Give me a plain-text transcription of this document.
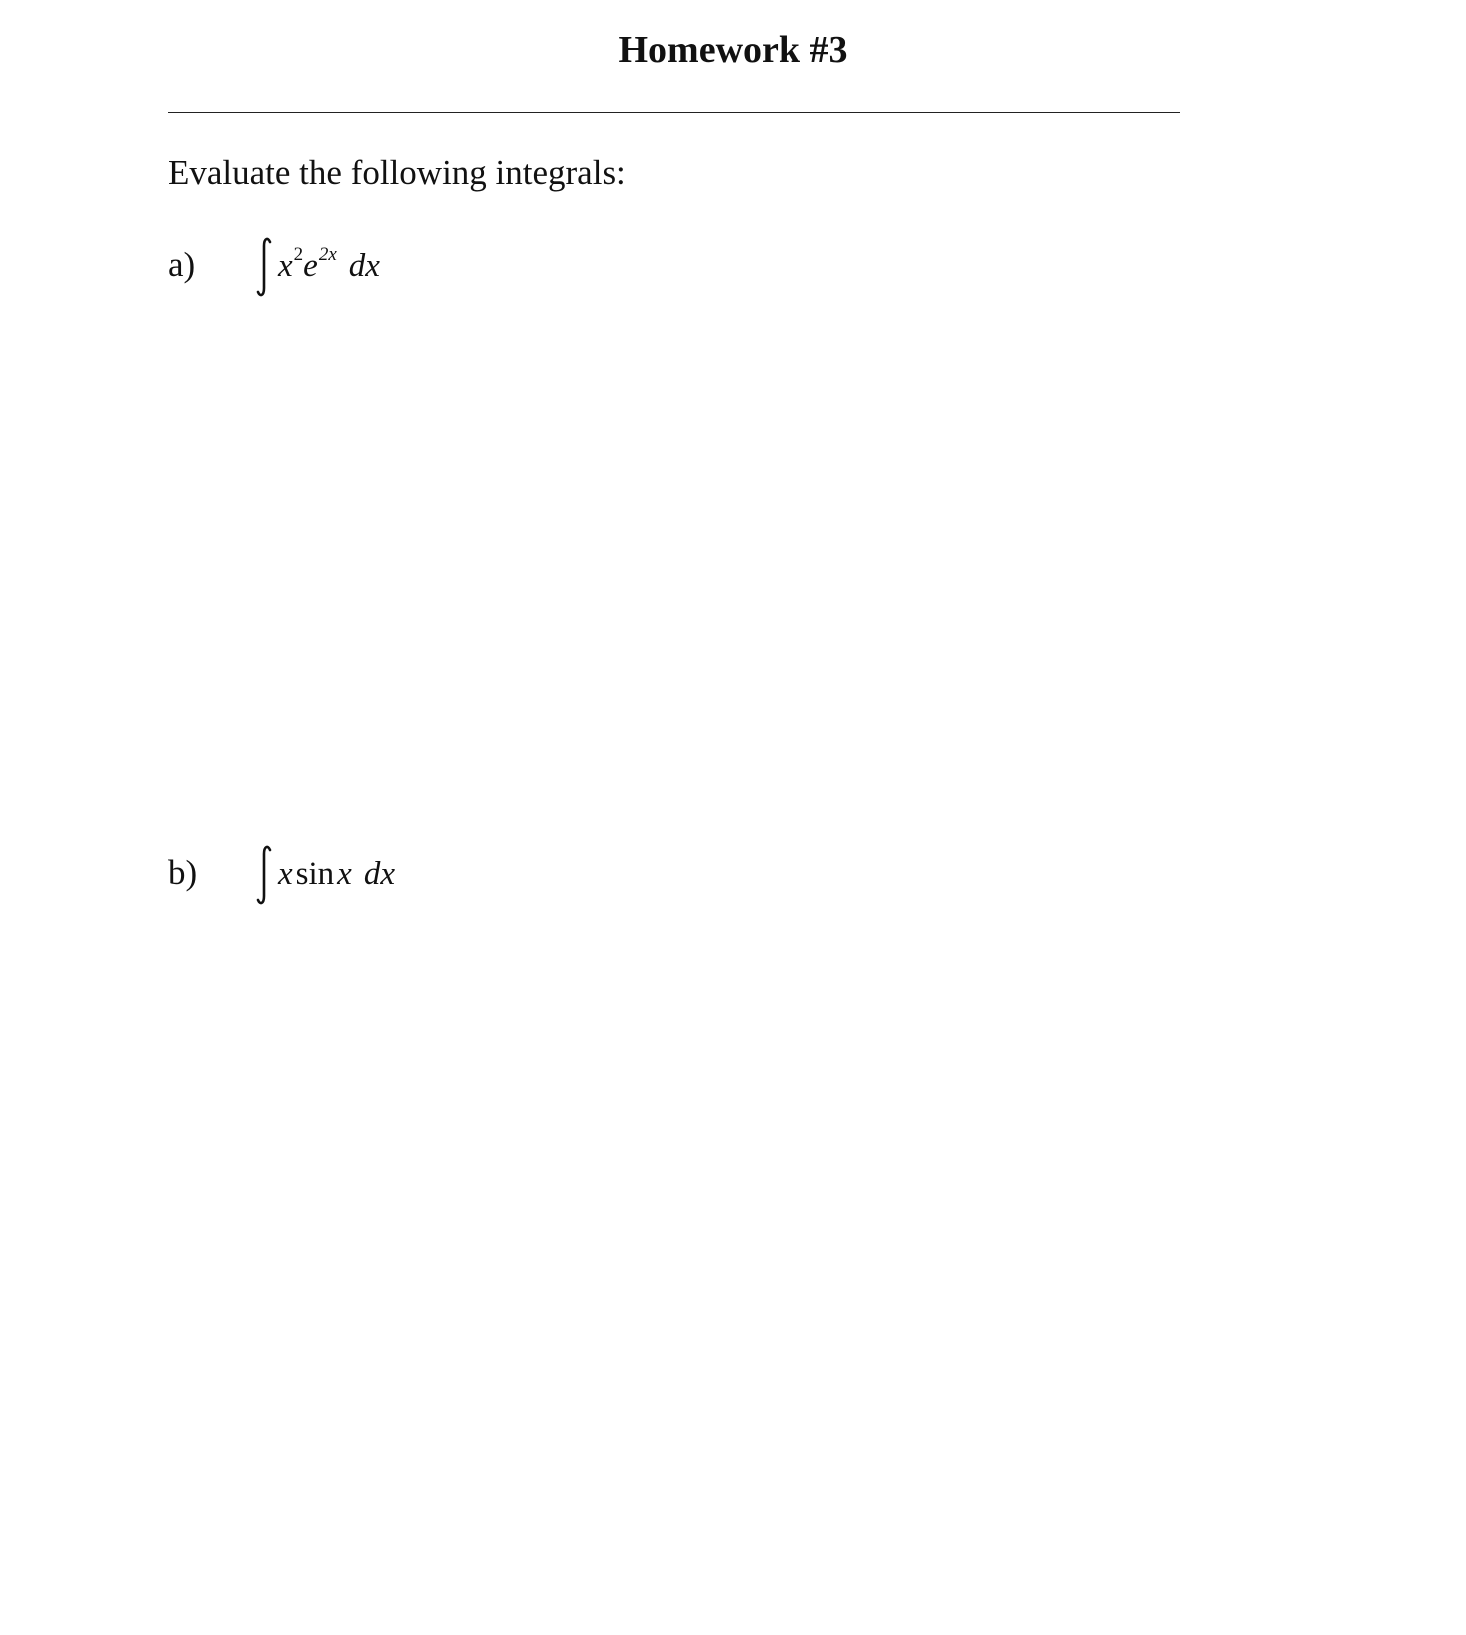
Homework #3
Evaluate the following integrals:
a)	$x^2e^{2x}$ dx
b) xsinx dx
